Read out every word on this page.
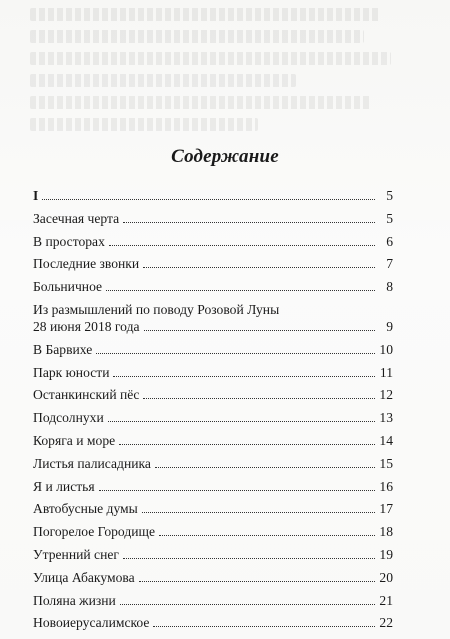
Содержание
I	5
Засечная черта	5
В просторах	6
Последние звонки	7
Больничное	8
Из размышлений по поводу Розовой Луны
28 июня 2018 года	9
В Барвихе	10
Парк юности	11
Останкинский пёс	12
Подсолнухи	13
Коряга и море	14
Листья палисадника	15
Я и листья	16
Автобусные думы	17
Погорелое Городище	18
Утренний снег	19
Улица Абакумова	20
Поляна жизни	21
Новоиерусалимское	22
